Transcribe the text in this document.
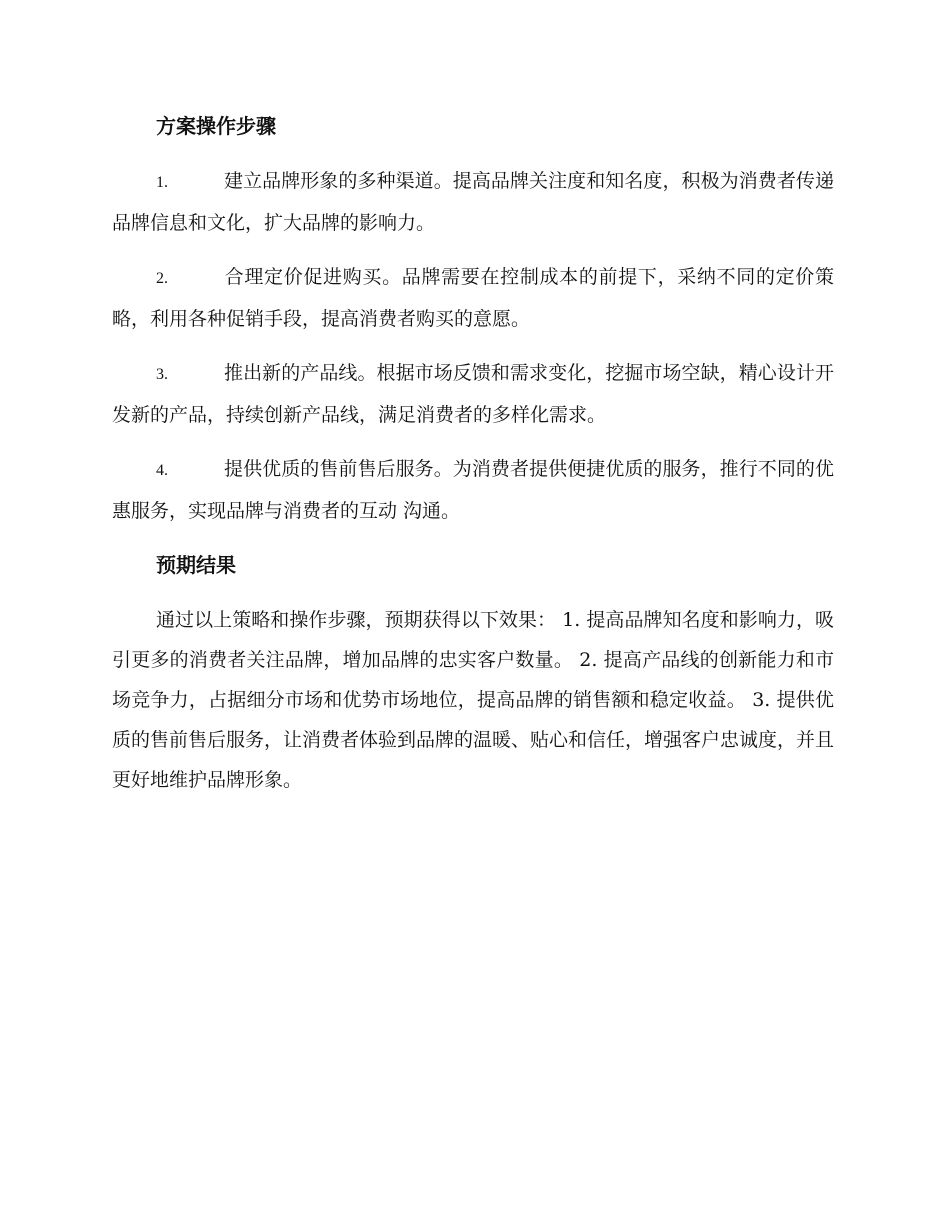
方案操作步骤

1.	建立品牌形象的多种渠道。提高品牌关注度和知名度，积极为消费者传递品牌信息和文化，扩大品牌的影响力。

2.	合理定价促进购买。品牌需要在控制成本的前提下，采纳不同的定价策略，利用各种促销手段，提高消费者购买的意愿。

3.	推出新的产品线。根据市场反馈和需求变化，挖掘市场空缺，精心设计开发新的产品，持续创新产品线，满足消费者的多样化需求。

4.	提供优质的售前售后服务。为消费者提供便捷优质的服务，推行不同的优惠服务，实现品牌与消费者的互动 沟通。

预期结果

通过以上策略和操作步骤，预期获得以下效果： 1. 提高品牌知名度和影响力，吸引更多的消费者关注品牌，增加品牌的忠实客户数量。 2. 提高产品线的创新能力和市场竞争力，占据细分市场和优势市场地位，提高品牌的销售额和稳定收益。 3. 提供优质的售前售后服务，让消费者体验到品牌的温暖、贴心和信任，增强客户忠诚度，并且更好地维护品牌形象。
